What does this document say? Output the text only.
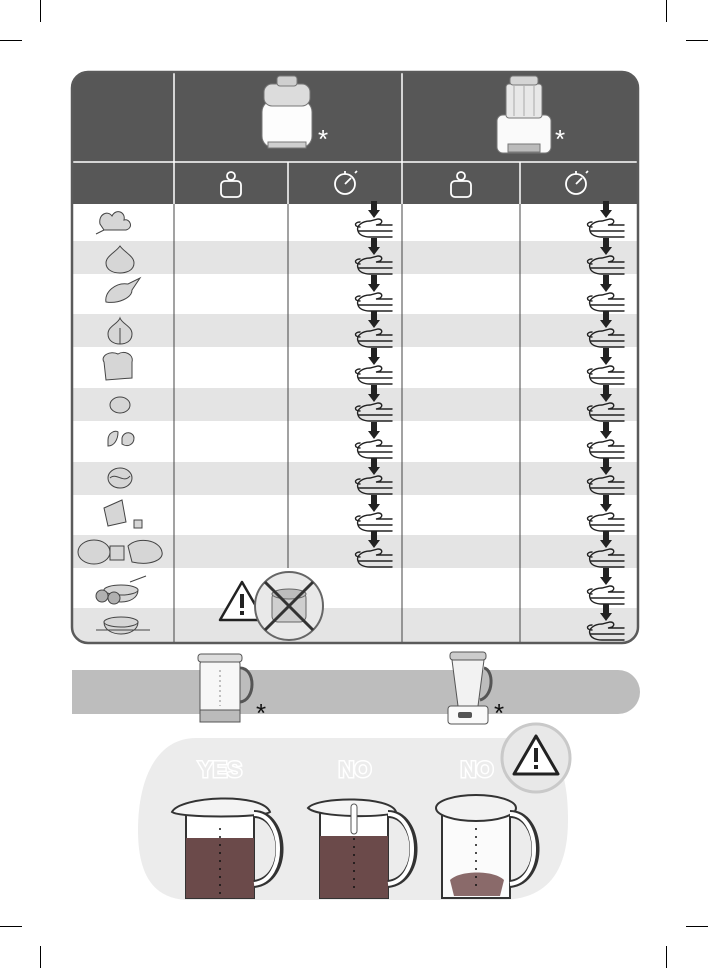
*	*
*	*
YES	NO	NO
